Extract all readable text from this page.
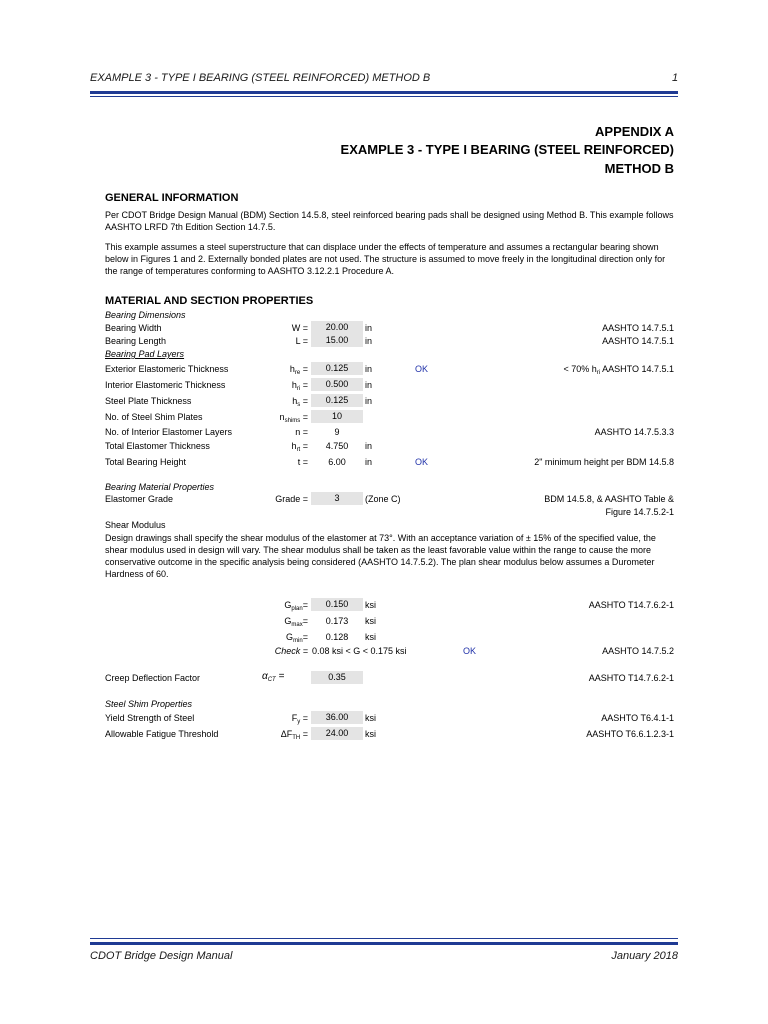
EXAMPLE 3 - TYPE I BEARING (STEEL REINFORCED) METHOD B	1
APPENDIX A
EXAMPLE 3 - TYPE I BEARING (STEEL REINFORCED)
METHOD B
GENERAL INFORMATION
Per CDOT Bridge Design Manual (BDM) Section 14.5.8, steel reinforced bearing pads shall be designed using Method B. This example follows AASHTO LRFD 7th Edition Section 14.7.5.
This example assumes a steel superstructure that can displace under the effects of temperature and assumes a rectangular bearing shown below in Figures 1 and 2. Externally bonded plates are not used. The structure is assumed to move freely in the longitudinal direction only for the range of temperatures conforming to AASHTO 3.12.2.1 Procedure A.
MATERIAL AND SECTION PROPERTIES
Bearing Dimensions
Bearing Width	W =	20.00	in	AASHTO 14.7.5.1
Bearing Length	L =	15.00	in	AASHTO 14.7.5.1
Bearing Pad Layers
Exterior Elastomeric Thickness	$h_{re}$ =	0.125	in	OK	< 70% $h_{ri}$ AASHTO 14.7.5.1
Interior Elastomeric Thickness	$h_{ri}$ =	0.500	in
Steel Plate Thickness	$h_s$ =	0.125	in
No. of Steel Shim Plates	$n_{shims}$ =	10
No. of Interior Elastomer Layers	n =	9	AASHTO 14.7.5.3.3
Total Elastomer Thickness	$h_{rt}$ =	4.750	in
Total Bearing Height	t =	6.00	in	OK	2" minimum height per BDM 14.5.8
Bearing Material Properties
Elastomer Grade	Grade =	3	(Zone C)	BDM 14.5.8, & AASHTO Table &
Figure 14.7.5.2-1
Shear Modulus
Design drawings shall specify the shear modulus of the elastomer at 73°. With an acceptance variation of ± 15% of the specified value, the shear modulus used in design will vary. The shear modulus shall be taken as the least favorable value within the range to cause the more conservative outcome in the specific analysis being considered (AASHTO 14.7.5.2). The plan shear modulus below assumes a Durometer Hardness of 60.
$G_{plan}=$	0.150	ksi	AASHTO T14.7.6.2-1
$G_{max}=$	0.173	ksi
$G_{min}=$	0.128	ksi
Check = 0.08 ksi < G < 0.175 ksi	OK	AASHTO 14.7.5.2
Creep Deflection Factor	$\alpha_{CT}$ =	0.35	AASHTO T14.7.6.2-1
Steel Shim Properties
Yield Strength of Steel	$F_y$ =	36.00	ksi	AASHTO T6.4.1-1
Allowable Fatigue Threshold	$\Delta F_{TH}$ =	24.00	ksi	AASHTO T6.6.1.2.3-1
CDOT Bridge Design Manual	January 2018
